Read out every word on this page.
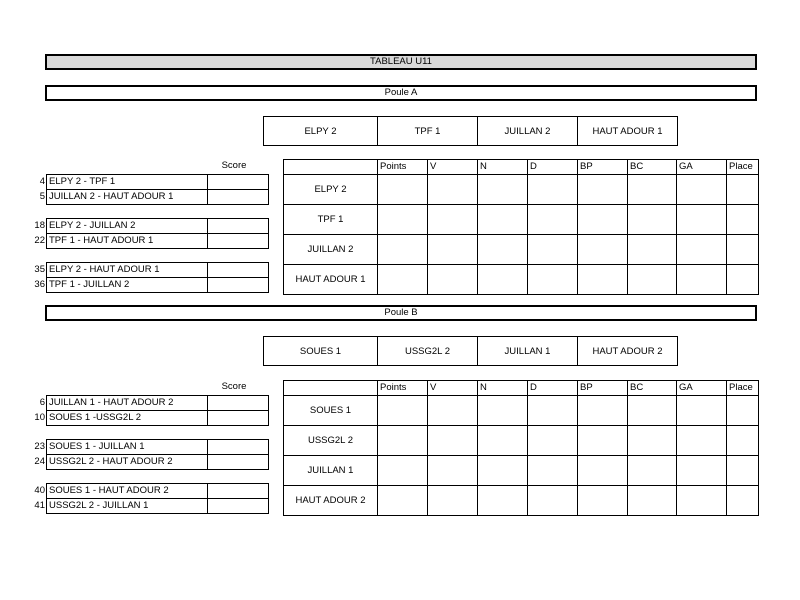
TABLEAU U11
Poule A
ELPY 2	TPF 1	JUILLAN 2	HAUT ADOUR 1
Score
4	ELPY 2 - TPF 1	
5	JUILLAN 2 - HAUT ADOUR 1	
18	ELPY 2 - JUILLAN 2	
22	TPF 1 - HAUT ADOUR 1	
35	ELPY 2 - HAUT ADOUR 1	
36	TPF 1 - JUILLAN 2	
	Points	V	N	D	BP	BC	GA	Place
ELPY 2								
TPF 1								
JUILLAN 2								
HAUT ADOUR 1								
Poule B
SOUES 1	USSG2L 2	JUILLAN 1	HAUT ADOUR 2
Score
6	JUILLAN 1 - HAUT ADOUR 2	
10	SOUES 1 -USSG2L 2	
23	SOUES 1 - JUILLAN 1	
24	USSG2L 2 - HAUT ADOUR 2	
40	SOUES 1 - HAUT ADOUR 2	
41	USSG2L 2 - JUILLAN 1	
	Points	V	N	D	BP	BC	GA	Place
SOUES 1								
USSG2L 2								
JUILLAN 1								
HAUT ADOUR 2								
